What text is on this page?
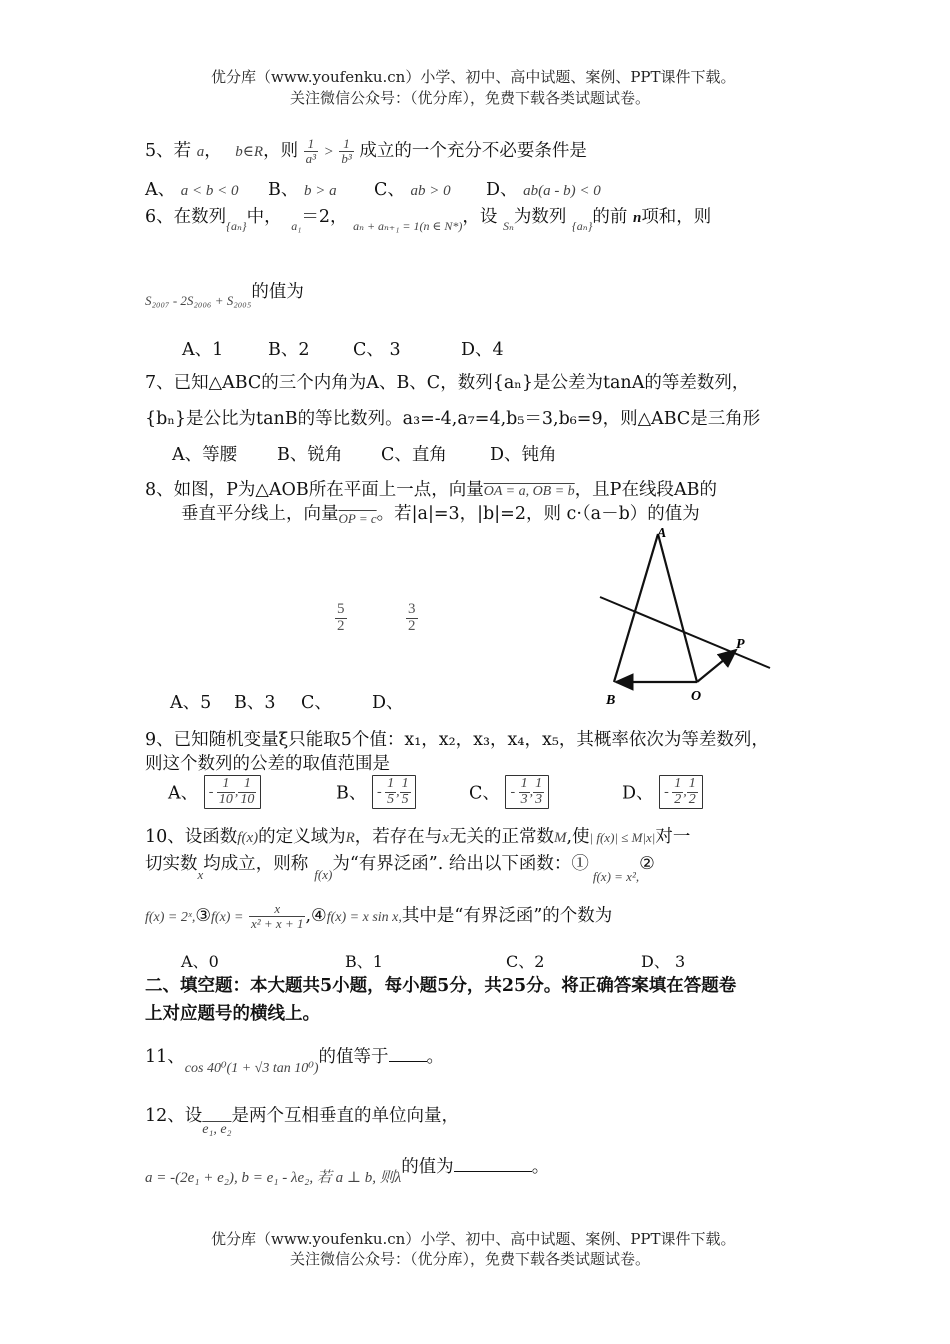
优分库（www.youfenku.cn）小学、初中、高中试题、案例、PPT课件下载。
关注微信公众号：（优分库），免费下载各类试题试卷。
5、若 a， b∈R，则 $\frac{1}{\text{a³}} > \frac{1}{\text{b³}}$ 成立的一个充分不必要条件是
A、 a < b < 0 B、 b > a C、 ab > 0 D、 ab(a - b) < 0
6、在数列$_{\{a_n\}}$中， $_{a_1}$＝2， $_{a_n + a_{n+1} = 1(n \in N*)}$，设 $_{S_n}$为数列 $_{\{a_n\}}$的前 n项和，则
$_{S_{2007} - 2S_{2006} + S_{2005}}$的值为
A、1	B、2 C、 3	D、4
7、已知△ABC的三个内角为A、B、C，数列{aₙ}是公差为tanA的等差数列，
{bₙ}是公比为tanB的等比数列。a₃=-4,a₇=4,b₅＝3,b₆=9，则△ABC是三角形
A、等腰 B、锐角 C、直角 D、钝角
8、如图，P为△AOB所在平面上一点，向量OA = a, OB = b，且P在线段AB的
垂直平分线上，向量$_{OP = c}$。若|a|=3，|b|=2，则 c·（a－b）的值为
$\frac{5}{2}$	$\frac{3}{2}$
A、5 B、3 C、 D、
A
B	O
P
9、已知随机变量ξ只能取5个值：x₁，x₂，x₃，x₄，x₅，其概率依次为等差数列，
则这个数列的公差的取值范围是
A、 - $\frac{1}{10}$ , $\frac{1}{10}$	B、 - $\frac{1}{5}$ , $\frac{1}{5}$	C、 - $\frac{1}{3}$ , $\frac{1}{3}$	D、 - $\frac{1}{2}$ , $\frac{1}{2}$
10、设函数f(x)的定义域为R，若存在与x无关的正常数M,使| f(x)| ≤ M|x|对一
切实数$_x$均成立，则称$_{f(x)}$为“有界泛函”. 给出以下函数：$①_{f(x) = x^2,}②$
f(x) = 2ˣ,③f(x) = $\frac{x}{\text{x² + x + 1}}$ ,④f(x) = x sin x,其中是“有界泛函”的个数为
A、0	B、1	C、2	D、 3
二、填空题：本大题共5小题，每小题5分，共25分。将正确答案填在答题卷
上对应题号的横线上。
11、$_{cos 40^0(1 + √3 tan 10^0)}$的值等于 。
12、设$_{e_1, e_2}$是两个互相垂直的单位向量，
a = -(2e₁ + e₂), b = e₁ - λe₂, 若 a ⊥ b, 则λ的值为	。
优分库（www.youfenku.cn）小学、初中、高中试题、案例、PPT课件下载。
关注微信公众号：（优分库），免费下载各类试题试卷。
